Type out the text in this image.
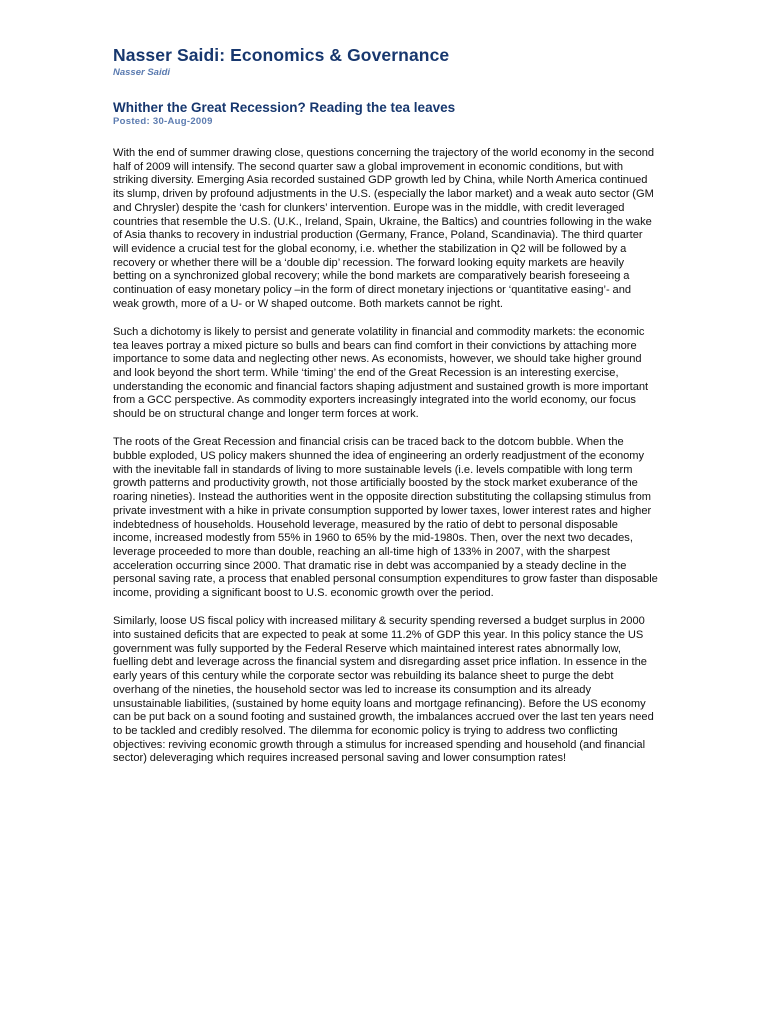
Nasser Saidi: Economics & Governance
Nasser Saidi
Whither the Great Recession? Reading the tea leaves
Posted: 30-Aug-2009

With the end of summer drawing close, questions concerning the trajectory of the world economy in the second half of 2009 will intensify. The second quarter saw a global improvement in economic conditions, but with striking diversity. Emerging Asia recorded sustained GDP growth led by China, while North America continued its slump, driven by profound adjustments in the U.S. (especially the labor market) and a weak auto sector (GM and Chrysler) despite the ‘cash for clunkers’ intervention. Europe was in the middle, with credit leveraged countries that resemble the U.S. (U.K., Ireland, Spain, Ukraine, the Baltics) and countries following in the wake of Asia thanks to recovery in industrial production (Germany, France, Poland, Scandinavia). The third quarter will evidence a crucial test for the global economy, i.e. whether the stabilization in Q2 will be followed by a recovery or whether there will be a ‘double dip’ recession. The forward looking equity markets are heavily betting on a synchronized global recovery; while the bond markets are comparatively bearish foreseeing a continuation of easy monetary policy –in the form of direct monetary injections or ‘quantitative easing’- and weak growth, more of a U- or W shaped outcome. Both markets cannot be right.

Such a dichotomy is likely to persist and generate volatility in financial and commodity markets: the economic tea leaves portray a mixed picture so bulls and bears can find comfort in their convictions by attaching more importance to some data and neglecting other news. As economists, however, we should take higher ground and look beyond the short term. While ‘timing’ the end of the Great Recession is an interesting exercise, understanding the economic and financial factors shaping adjustment and sustained growth is more important from a GCC perspective. As commodity exporters increasingly integrated into the world economy, our focus should be on structural change and longer term forces at work.

The roots of the Great Recession and financial crisis can be traced back to the dotcom bubble. When the bubble exploded, US policy makers shunned the idea of engineering an orderly readjustment of the economy with the inevitable fall in standards of living to more sustainable levels (i.e. levels compatible with long term growth patterns and productivity growth, not those artificially boosted by the stock market exuberance of the roaring nineties). Instead the authorities went in the opposite direction substituting the collapsing stimulus from private investment with a hike in private consumption supported by lower taxes, lower interest rates and higher indebtedness of households. Household leverage, measured by the ratio of debt to personal disposable income, increased modestly from 55% in 1960 to 65% by the mid-1980s. Then, over the next two decades, leverage proceeded to more than double, reaching an all-time high of 133% in 2007, with the sharpest acceleration occurring since 2000. That dramatic rise in debt was accompanied by a steady decline in the personal saving rate, a process that enabled personal consumption expenditures to grow faster than disposable income, providing a significant boost to U.S. economic growth over the period.

Similarly, loose US fiscal policy with increased military & security spending reversed a budget surplus in 2000 into sustained deficits that are expected to peak at some 11.2% of GDP this year. In this policy stance the US government was fully supported by the Federal Reserve which maintained interest rates abnormally low, fuelling debt and leverage across the financial system and disregarding asset price inflation. In essence in the early years of this century while the corporate sector was rebuilding its balance sheet to purge the debt overhang of the nineties, the household sector was led to increase its consumption and its already unsustainable liabilities, (sustained by home equity loans and mortgage refinancing). Before the US economy can be put back on a sound footing and sustained growth, the imbalances accrued over the last ten years need to be tackled and credibly resolved. The dilemma for economic policy is trying to address two conflicting objectives: reviving economic growth through a stimulus for increased spending and household (and financial sector) deleveraging which requires increased personal saving and lower consumption rates!
